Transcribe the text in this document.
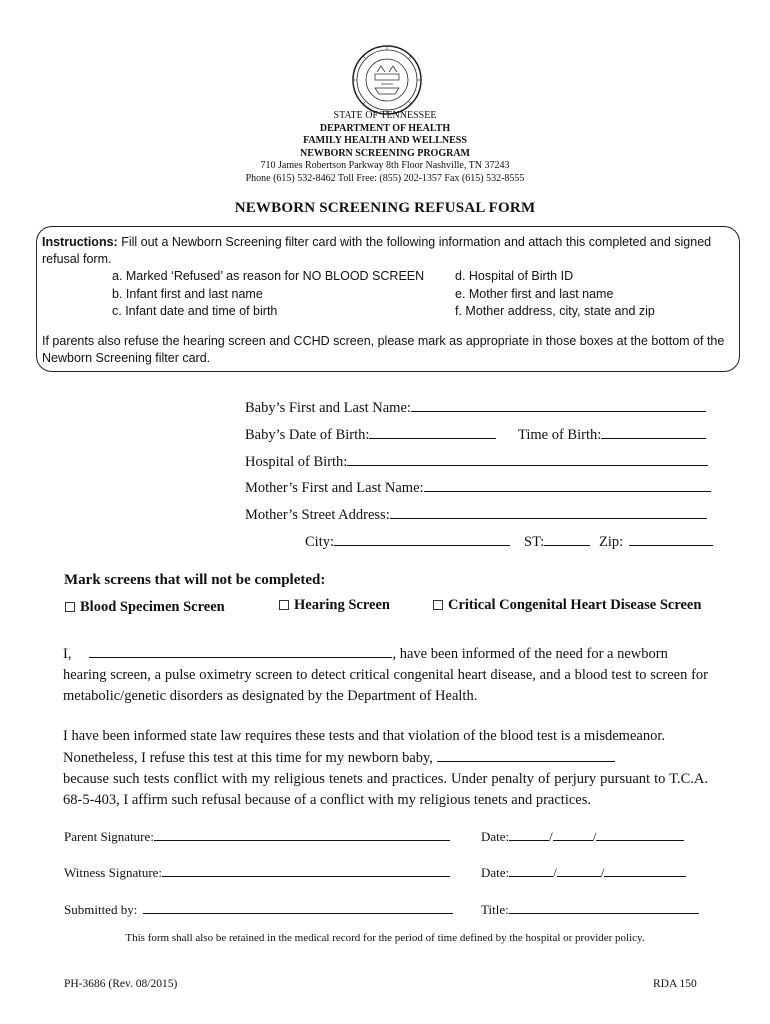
STATE OF TENNESSEE
DEPARTMENT OF HEALTH
FAMILY HEALTH AND WELLNESS
NEWBORN SCREENING PROGRAM
710 James Robertson Parkway 8th Floor Nashville, TN 37243
Phone (615) 532-8462 Toll Free: (855) 202-1357 Fax (615) 532-8555
NEWBORN SCREENING REFUSAL FORM
Instructions: Fill out a Newborn Screening filter card with the following information and attach this completed and signed refusal form.
a. Marked ‘Refused’ as reason for NO BLOOD SCREEN
b. Infant first and last name
c. Infant date and time of birth
d. Hospital of Birth ID
e. Mother first and last name
f. Mother address, city, state and zip
If parents also refuse the hearing screen and CCHD screen, please mark as appropriate in those boxes at the bottom of the Newborn Screening filter card.
Baby’s First and Last Name:
Baby’s Date of Birth:	Time of Birth:
Hospital of Birth:
Mother’s First and Last Name:
Mother’s Street Address:
City:	ST:	Zip:
Mark screens that will not be completed:
Blood Specimen Screen	Hearing Screen	Critical Congenital Heart Disease Screen
I,	, have been informed of the need for a newborn
hearing screen, a pulse oximetry screen to detect critical congenital heart disease, and a blood test to screen for metabolic/genetic disorders as designated by the Department of Health.
I have been informed state law requires these tests and that violation of the blood test is a misdemeanor.
Nonetheless, I refuse this test at this time for my newborn baby,
because such tests conflict with my religious tenets and practices. Under penalty of perjury pursuant to T.C.A. 68-5-403, I affirm such refusal because of a conflict with my religious tenets and practices.
Parent Signature:	Date:	/	/
Witness Signature:	Date:	/	/
Submitted by:	Title:
This form shall also be retained in the medical record for the period of time defined by the hospital or provider policy.
PH-3686 (Rev. 08/2015)	RDA 150
